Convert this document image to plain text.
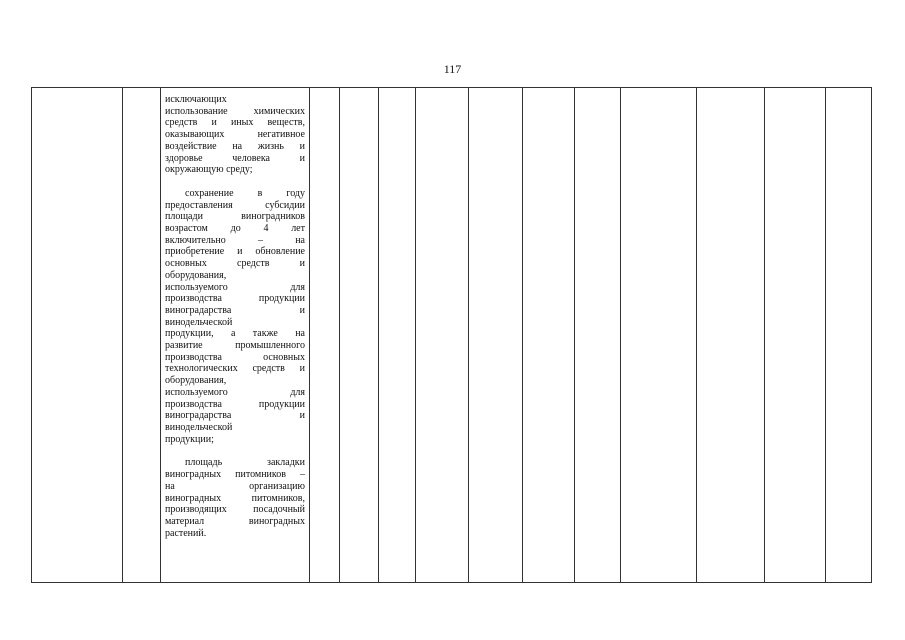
117

исключающих
использование химических
средств и иных веществ,
оказывающих негативное
воздействие на жизнь и
здоровье человека и
окружающую среду;
сохранение в году
предоставления субсидии
площади виноградников
возрастом до 4 лет
включительно – на
приобретение и обновление
основных средств и
оборудования,
используемого для
производства продукции
виноградарства и
винодельческой
продукции, а также на
развитие промышленного
производства основных
технологических средств и
оборудования,
используемого для
производства продукции
виноградарства и
винодельческой
продукции;
площадь закладки
виноградных питомников –
на организацию
виноградных питомников,
производящих посадочный
материал виноградных
растений.
